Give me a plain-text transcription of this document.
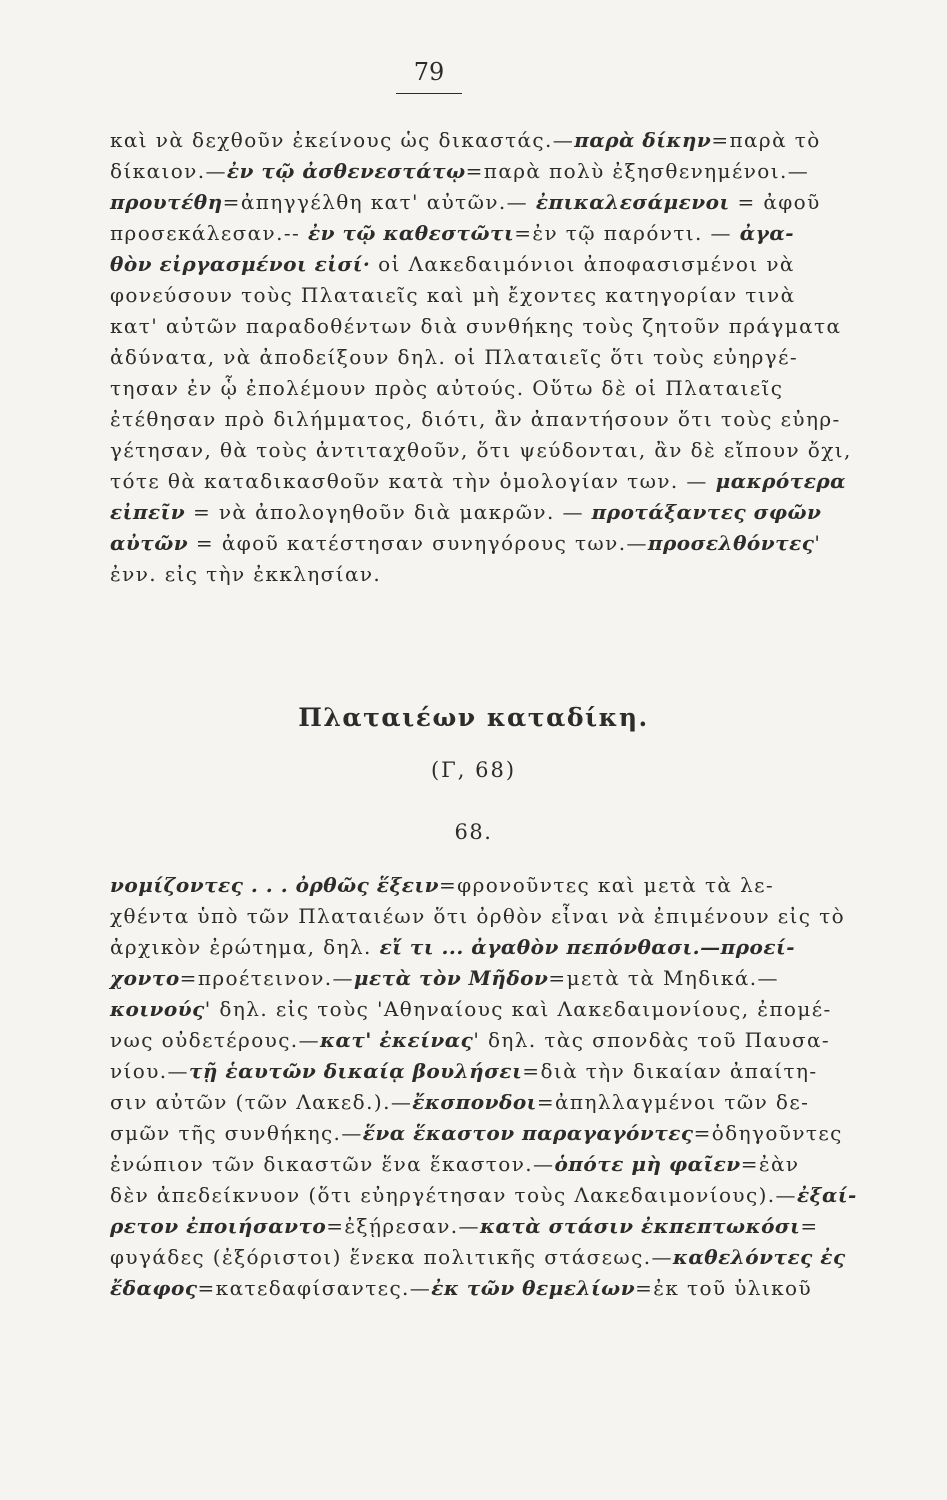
79
καὶ νὰ δεχθοῦν ἐκείνους ὡς δικαστάς.—παρὰ δίκην=παρὰ τὸ
δίκαιον.—ἐν τῷ ἀσθενεστάτῳ=παρὰ πολὺ ἐξησθενημένοι.—
προυτέθη=ἀπηγγέλθη κατ' αὐτῶν.— ἐπικαλεσάμενοι = ἀφοῦ
προσεκάλεσαν.-- ἐν τῷ καθεστῶτι=ἐν τῷ παρόντι. — ἀγα-
θὸν εἰργασμένοι εἰσί· οἱ Λακεδαιμόνιοι ἀποφασισμένοι νὰ
φονεύσουν τοὺς Πλαταιεῖς καὶ μὴ ἔχοντες κατηγορίαν τινὰ
κατ' αὐτῶν παραδοθέντων διὰ συνθήκης τοὺς ζητοῦν πράγματα
ἀδύνατα, νὰ ἀποδείξουν δηλ. οἱ Πλαταιεῖς ὅτι τοὺς εὐηργέ-
τησαν ἐν ᾧ ἐπολέμουν πρὸς αὐτούς. Οὕτω δὲ οἱ Πλαταιεῖς
ἐτέθησαν πρὸ διλήμματος, διότι, ἂν ἀπαντήσουν ὅτι τοὺς εὐηρ-
γέτησαν, θὰ τοὺς ἀντιταχθοῦν, ὅτι ψεύδονται, ἂν δὲ εἴπουν ὄχι,
τότε θὰ καταδικασθοῦν κατὰ τὴν ὁμολογίαν των. — μακρότερα
εἰπεῖν = νὰ ἀπολογηθοῦν διὰ μακρῶν. — προτάξαντες σφῶν
αὐτῶν = ἀφοῦ κατέστησαν συνηγόρους των.—προσελθόντες'
ἐνν. εἰς τὴν ἐκκλησίαν.
Πλαταιέων καταδίκη.
(Γ, 68)
68.
νομίζοντες . . . ὀρθῶς ἕξειν=φρονοῦντες καὶ μετὰ τὰ λε-
χθέντα ὑπὸ τῶν Πλαταιέων ὅτι ὀρθὸν εἶναι νὰ ἐπιμένουν εἰς τὸ
ἀρχικὸν ἐρώτημα, δηλ. εἴ τι ... ἀγαθὸν πεπόνθασι.—προεί-
χοντο=προέτεινον.—μετὰ τὸν Μῆδον=μετὰ τὰ Μηδικά.—
κοινούς' δηλ. εἰς τοὺς 'Αθηναίους καὶ Λακεδαιμονίους, ἐπομέ-
νως οὐδετέρους.—κατ' ἐκείνας' δηλ. τὰς σπονδὰς τοῦ Παυσα-
νίου.—τῇ ἑαυτῶν δικαίᾳ βουλήσει=διὰ τὴν δικαίαν ἀπαίτη-
σιν αὐτῶν (τῶν Λακεδ.).—ἔκσπονδοι=ἀπηλλαγμένοι τῶν δε-
σμῶν τῆς συνθήκης.—ἕνα ἕκαστον παραγαγόντες=ὁδηγοῦντες
ἐνώπιον τῶν δικαστῶν ἕνα ἕκαστον.—ὁπότε μὴ φαῖεν=ἐὰν
δὲν ἀπεδείκνυον (ὅτι εὐηργέτησαν τοὺς Λακεδαιμονίους).—ἐξαί-
ρετον ἐποιήσαντο=ἐξῄρεσαν.—κατὰ στάσιν ἐκπεπτωκόσι=
φυγάδες (ἐξόριστοι) ἕνεκα πολιτικῆς στάσεως.—καθελόντες ἐς
ἔδαφος=κατεδαφίσαντες.—ἐκ τῶν θεμελίων=ἐκ τοῦ ὑλικοῦ
